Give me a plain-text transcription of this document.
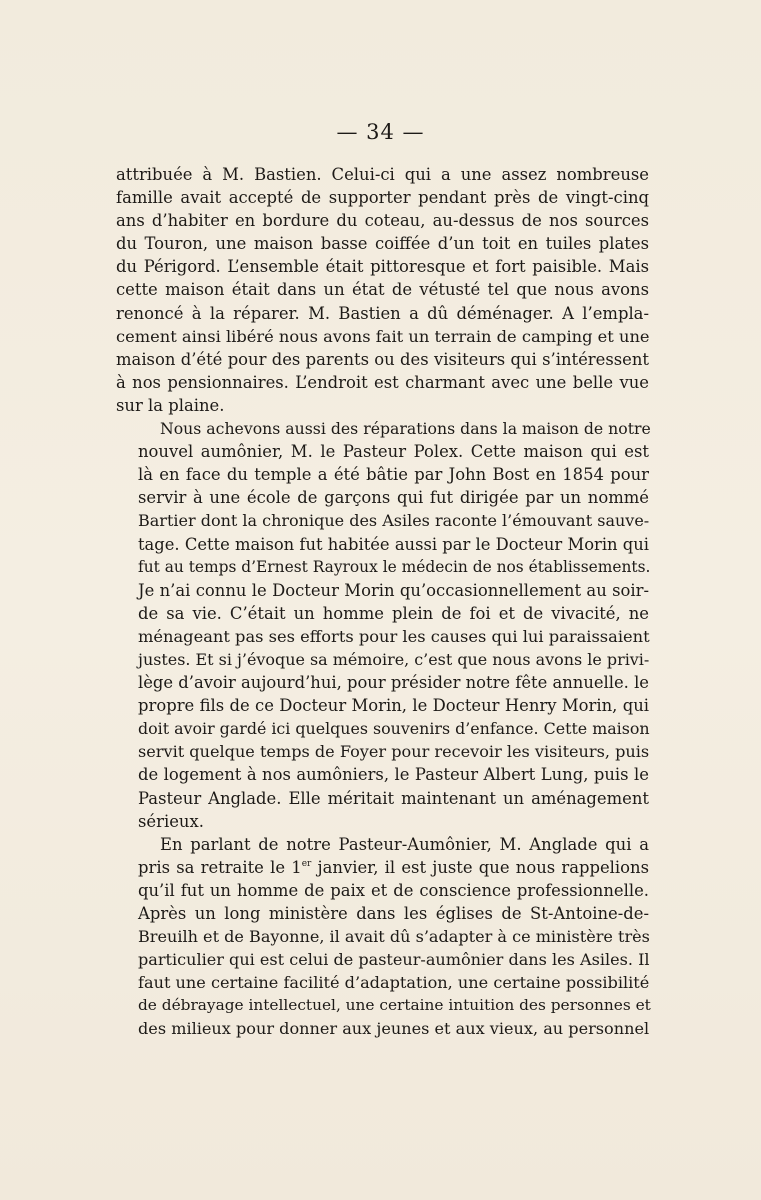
— 34 —
attribuée à M. Bastien. Celui-ci qui a une assez nombreuse
famille avait accepté de supporter pendant près de vingt-cinq
ans d’habiter en bordure du coteau, au-dessus de nos sources
du Touron, une maison basse coiffée d’un toit en tuiles plates
du Périgord. L’ensemble était pittoresque et fort paisible. Mais
cette maison était dans un état de vétusté tel que nous avons
renoncé à la réparer. M. Bastien a dû déménager. A l’empla-
cement ainsi libéré nous avons fait un terrain de camping et une
maison d’été pour des parents ou des visiteurs qui s’intéressent
à nos pensionnaires. L’endroit est charmant avec une belle vue
sur la plaine.
Nous achevons aussi des réparations dans la maison de notre
nouvel aumônier, M. le Pasteur Polex. Cette maison qui est
là en face du temple a été bâtie par John Bost en 1854 pour
servir à une école de garçons qui fut dirigée par un nommé
Bartier dont la chronique des Asiles raconte l’émouvant sauve-
tage. Cette maison fut habitée aussi par le Docteur Morin qui
fut au temps d’Ernest Rayroux le médecin de nos établissements.
Je n’ai connu le Docteur Morin qu’occasionnellement au soir-
de sa vie. C’était un homme plein de foi et de vivacité, ne
ménageant pas ses efforts pour les causes qui lui paraissaient
justes. Et si j’évoque sa mémoire, c’est que nous avons le privi-
lège d’avoir aujourd’hui, pour présider notre fête annuelle. le
propre fils de ce Docteur Morin, le Docteur Henry Morin, qui
doit avoir gardé ici quelques souvenirs d’enfance. Cette maison
servit quelque temps de Foyer pour recevoir les visiteurs, puis
de logement à nos aumôniers, le Pasteur Albert Lung, puis le
Pasteur Anglade. Elle méritait maintenant un aménagement
sérieux.
En parlant de notre Pasteur-Aumônier, M. Anglade qui a
pris sa retraite le 1er janvier, il est juste que nous rappelions
qu’il fut un homme de paix et de conscience professionnelle.
Après un long ministère dans les églises de St-Antoine-de-
Breuilh et de Bayonne, il avait dû s’adapter à ce ministère très
particulier qui est celui de pasteur-aumônier dans les Asiles. Il
faut une certaine facilité d’adaptation, une certaine possibilité
de débrayage intellectuel, une certaine intuition des personnes et
des milieux pour donner aux jeunes et aux vieux, au personnel
